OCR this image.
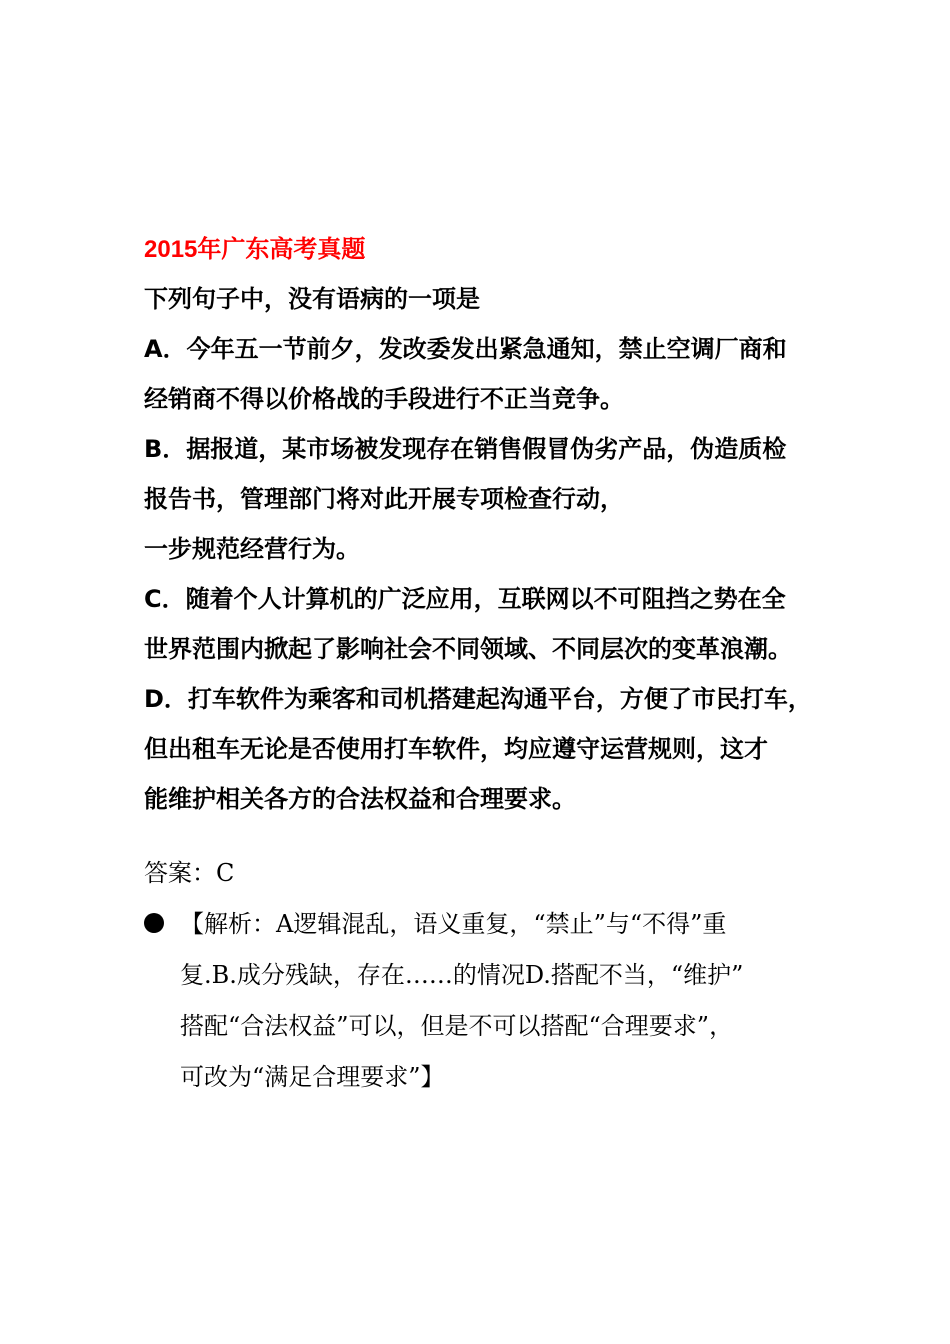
2015年广东高考真题

下列句子中，没有语病的一项是

A．今年五一节前夕，发改委发出紧急通知，禁止空调厂商和

经销商不得以价格战的手段进行不正当竞争。

B．据报道，某市场被发现存在销售假冒伪劣产品，伪造质检

报告书，管理部门将对此开展专项检查行动，

一步规范经营行为。

C．随着个人计算机的广泛应用，互联网以不可阻挡之势在全

世界范围内掀起了影响社会不同领域、不同层次的变革浪潮。

D．打车软件为乘客和司机搭建起沟通平台，方便了市民打车，

但出租车无论是否使用打车软件，均应遵守运营规则，这才

能维护相关各方的合法权益和合理要求。

答案：C
【解析：A逻辑混乱，语义重复，“禁止”与“不得”重
复.B.成分残缺，存在……的情况D.搭配不当，“维护”
搭配“合法权益”可以，但是不可以搭配“合理要求”，
可改为“满足合理要求”】
